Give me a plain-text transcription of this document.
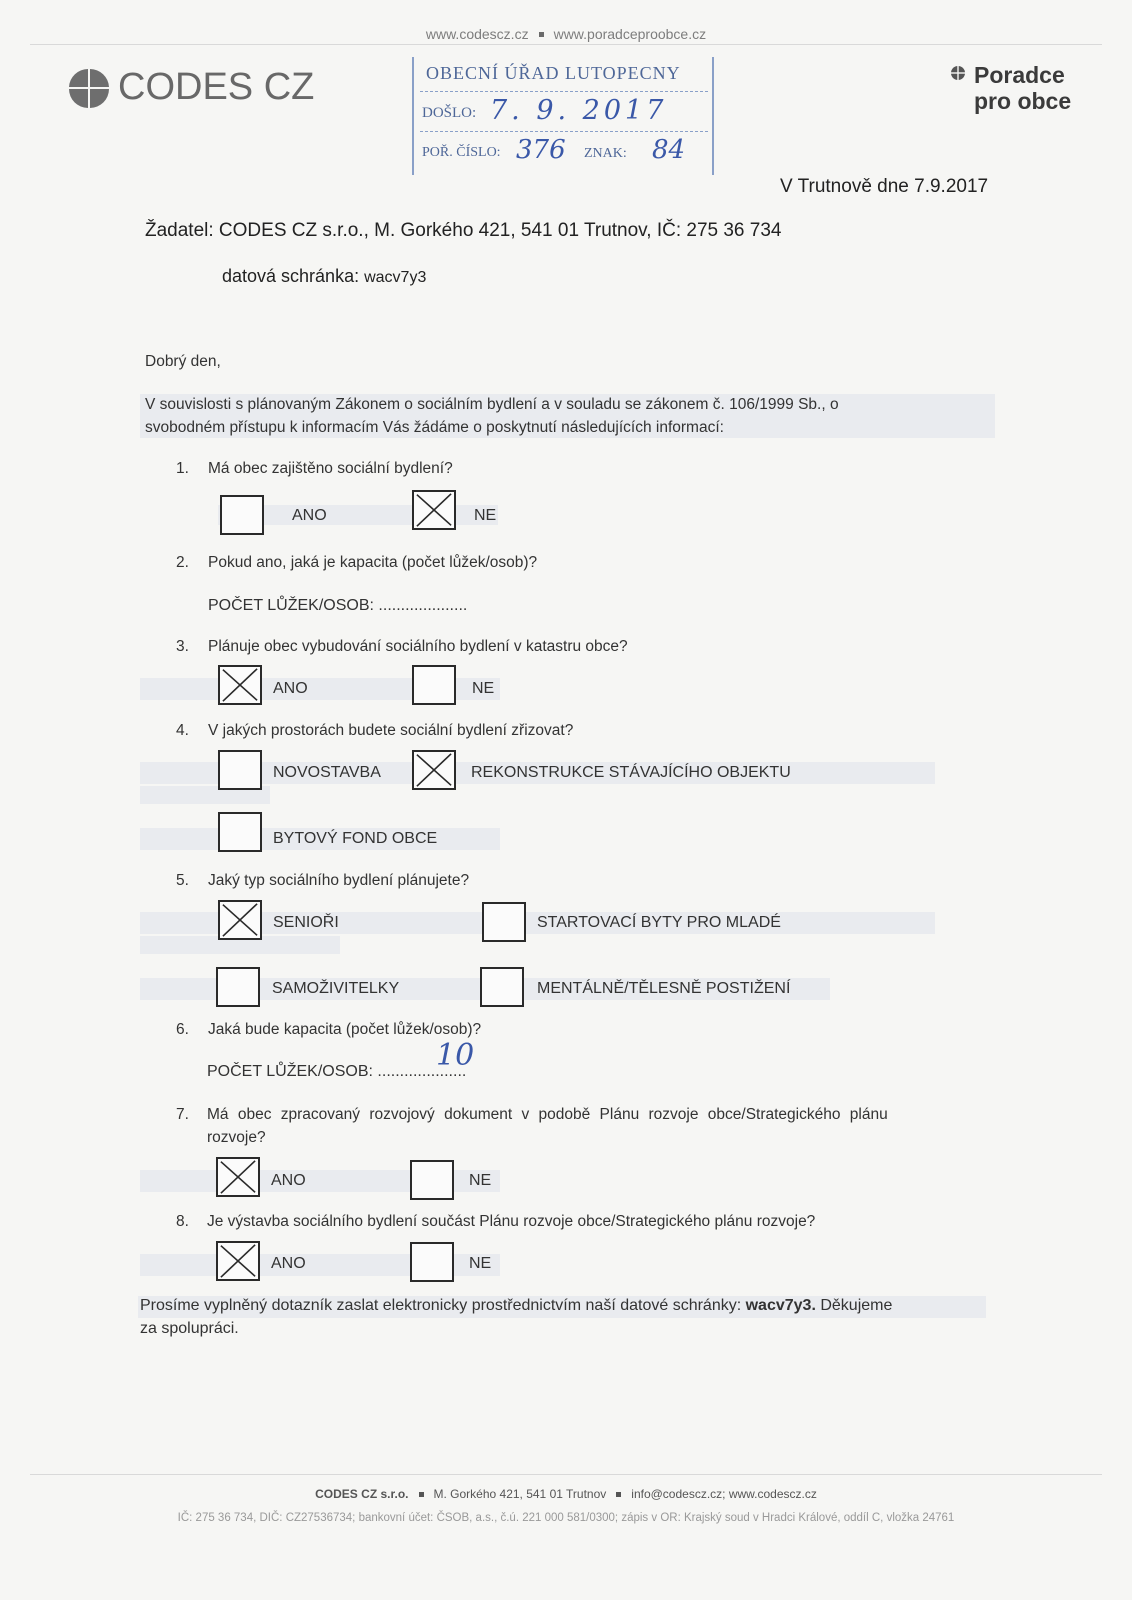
www.codescz.cz www.poradceproobce.cz
CODES CZ	Poradce
pro obce
OBECNÍ ÚŘAD LUTOPECNY
DOŠLO: 7. 9. 2017
POŘ. ČÍSLO: 376 ZNAK: 84
V Trutnově dne 7.9.2017
Žadatel: CODES CZ s.r.o., M. Gorkého 421, 541 01 Trutnov, IČ: 275 36 734
datová schránka: wacv7y3
Dobrý den,
V souvislosti s plánovaným Zákonem o sociálním bydlení a v souladu se zákonem č. 106/1999 Sb., o
svobodném přístupu k informacím Vás žádáme o poskytnutí následujících informací:
1. Má obec zajištěno sociální bydlení?
ANO	NE
2. Pokud ano, jaká je kapacita (počet lůžek/osob)?
POČET LŮŽEK/OSOB: ....................
3. Plánuje obec vybudování sociálního bydlení v katastru obce?
ANO	NE
4. V jakých prostorách budete sociální bydlení zřizovat?
NOVOSTAVBA	REKONSTRUKCE STÁVAJÍCÍHO OBJEKTU
BYTOVÝ FOND OBCE
5. Jaký typ sociálního bydlení plánujete?
SENIOŘI	STARTOVACÍ BYTY PRO MLADÉ
SAMOŽIVITELKY	MENTÁLNĚ/TĚLESNĚ POSTIŽENÍ
6. Jaká bude kapacita (počet lůžek/osob)?
POČET LŮŽEK/OSOB: ....................
10
7. Má obec zpracovaný rozvojový dokument v podobě Plánu rozvoje obce/Strategického plánu
rozvoje?
ANO	NE
8. Je výstavba sociálního bydlení součást Plánu rozvoje obce/Strategického plánu rozvoje?
ANO	NE
Prosíme vyplněný dotazník zaslat elektronicky prostřednictvím naší datové schránky: wacv7y3. Děkujeme
za spolupráci.
CODES CZ s.r.o. M. Gorkého 421, 541 01 Trutnov info@codescz.cz; www.codescz.cz
IČ: 275 36 734, DIČ: CZ27536734; bankovní účet: ČSOB, a.s., č.ú. 221 000 581/0300; zápis v OR: Krajský soud v Hradci Králové, oddíl C, vložka 24761
